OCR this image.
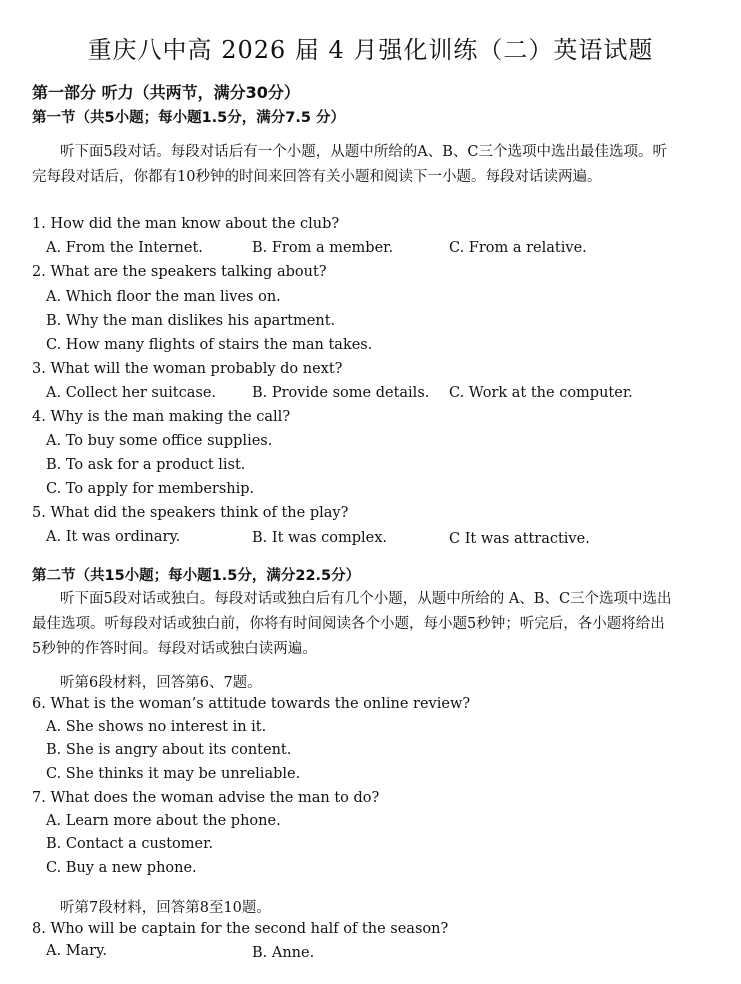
重庆八中高 2026 届 4 月强化训练（二）英语试题
第一部分 听力（共两节，满分30分）
第一节（共5小题；每小题1.5分，满分7.5 分）
听下面5段对话。每段对话后有一个小题，从题中所给的A、B、C三个选项中选出最佳选项。听完每段对话后，你都有10秒钟的时间来回答有关小题和阅读下一小题。每段对话读两遍。
1. How did the man know about the club?
A. From the Internet.	B. From a member.	C. From a relative.
2. What are the speakers talking about?
A. Which floor the man lives on.
B. Why the man dislikes his apartment.
C. How many flights of stairs the man takes.
3. What will the woman probably do next?
A. Collect her suitcase. B. Provide some details. C. Work at the computer.
4. Why is the man making the call?
A. To buy some office supplies.
B. To ask for a product list.
C. To apply for membership.
5. What did the speakers think of the play?
A. It was ordinary.	B. It was complex.	C It was attractive.
第二节（共15小题；每小题1.5分，满分22.5分）
听下面5段对话或独白。每段对话或独白后有几个小题，从题中所给的 A、B、C三个选项中选出最佳选项。听每段对话或独白前，你将有时间阅读各个小题，每小题5秒钟；听完后，各小题将给出5秒钟的作答时间。每段对话或独白读两遍。
听第6段材料，回答第6、7题。
6. What is the woman’s attitude towards the online review?
A. She shows no interest in it.
B. She is angry about its content.
C. She thinks it may be unreliable.
7. What does the woman advise the man to do?
A. Learn more about the phone.
B. Contact a customer.
C. Buy a new phone.
听第7段材料，回答第8至10题。
8. Who will be captain for the second half of the season?
A. Mary.	B. Anne.
